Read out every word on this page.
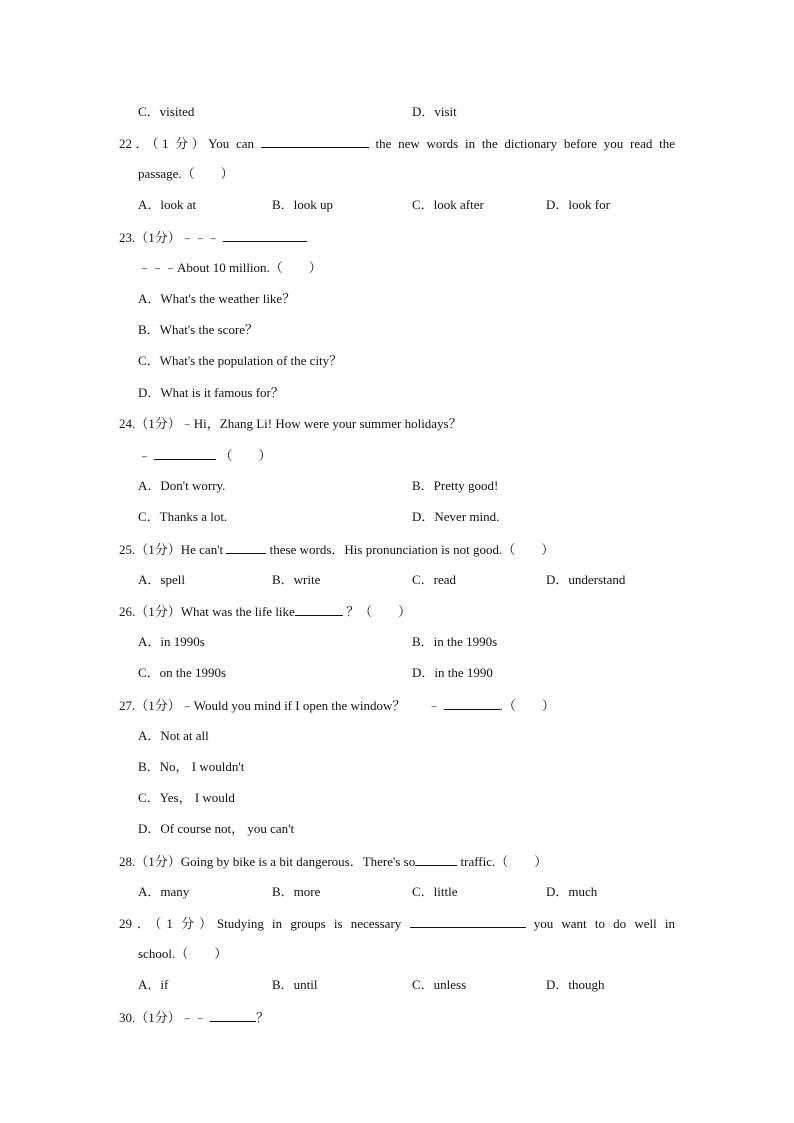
C．visited	D．visit
22．（1 分）You can	the new words in the dictionary before you read the
passage.（　　）
A．look at	B．look up	C．look after	D．look for
23.（1分）﹣﹣﹣
﹣﹣﹣About 10 million.（　　）
A．What's the weather like？
B．What's the score？
C．What's the population of the city？
D．What is it famous for？
24.（1分）﹣Hi，Zhang Li! How were your summer holidays？
﹣	（　　）
A．Don't worry.	B．Pretty good!
C．Thanks a lot.	D．Never mind.
25.（1分）He can't	these words．His pronunciation is not good.（　　）
A．spell	B．write	C．read	D．understand
26.（1分）What was the life like	？（　　）
A．in 1990s	B．in the 1990s
C．on the 1990s	D．in the 1990
27.（1分）﹣Would you mind if I open the window？ ﹣	.（　　）
A．Not at all
B．No， I wouldn't
C．Yes， I would
D．Of course not， you can't
28.（1分）Going by bike is a bit dangerous．There's so	traffic.（　　）
A．many	B．more	C．little	D．much
29．（1 分）Studying in groups is necessary	you want to do well in
school.（　　）
A．if	B．until	C．unless	D．though
30.（1分）﹣﹣	？
